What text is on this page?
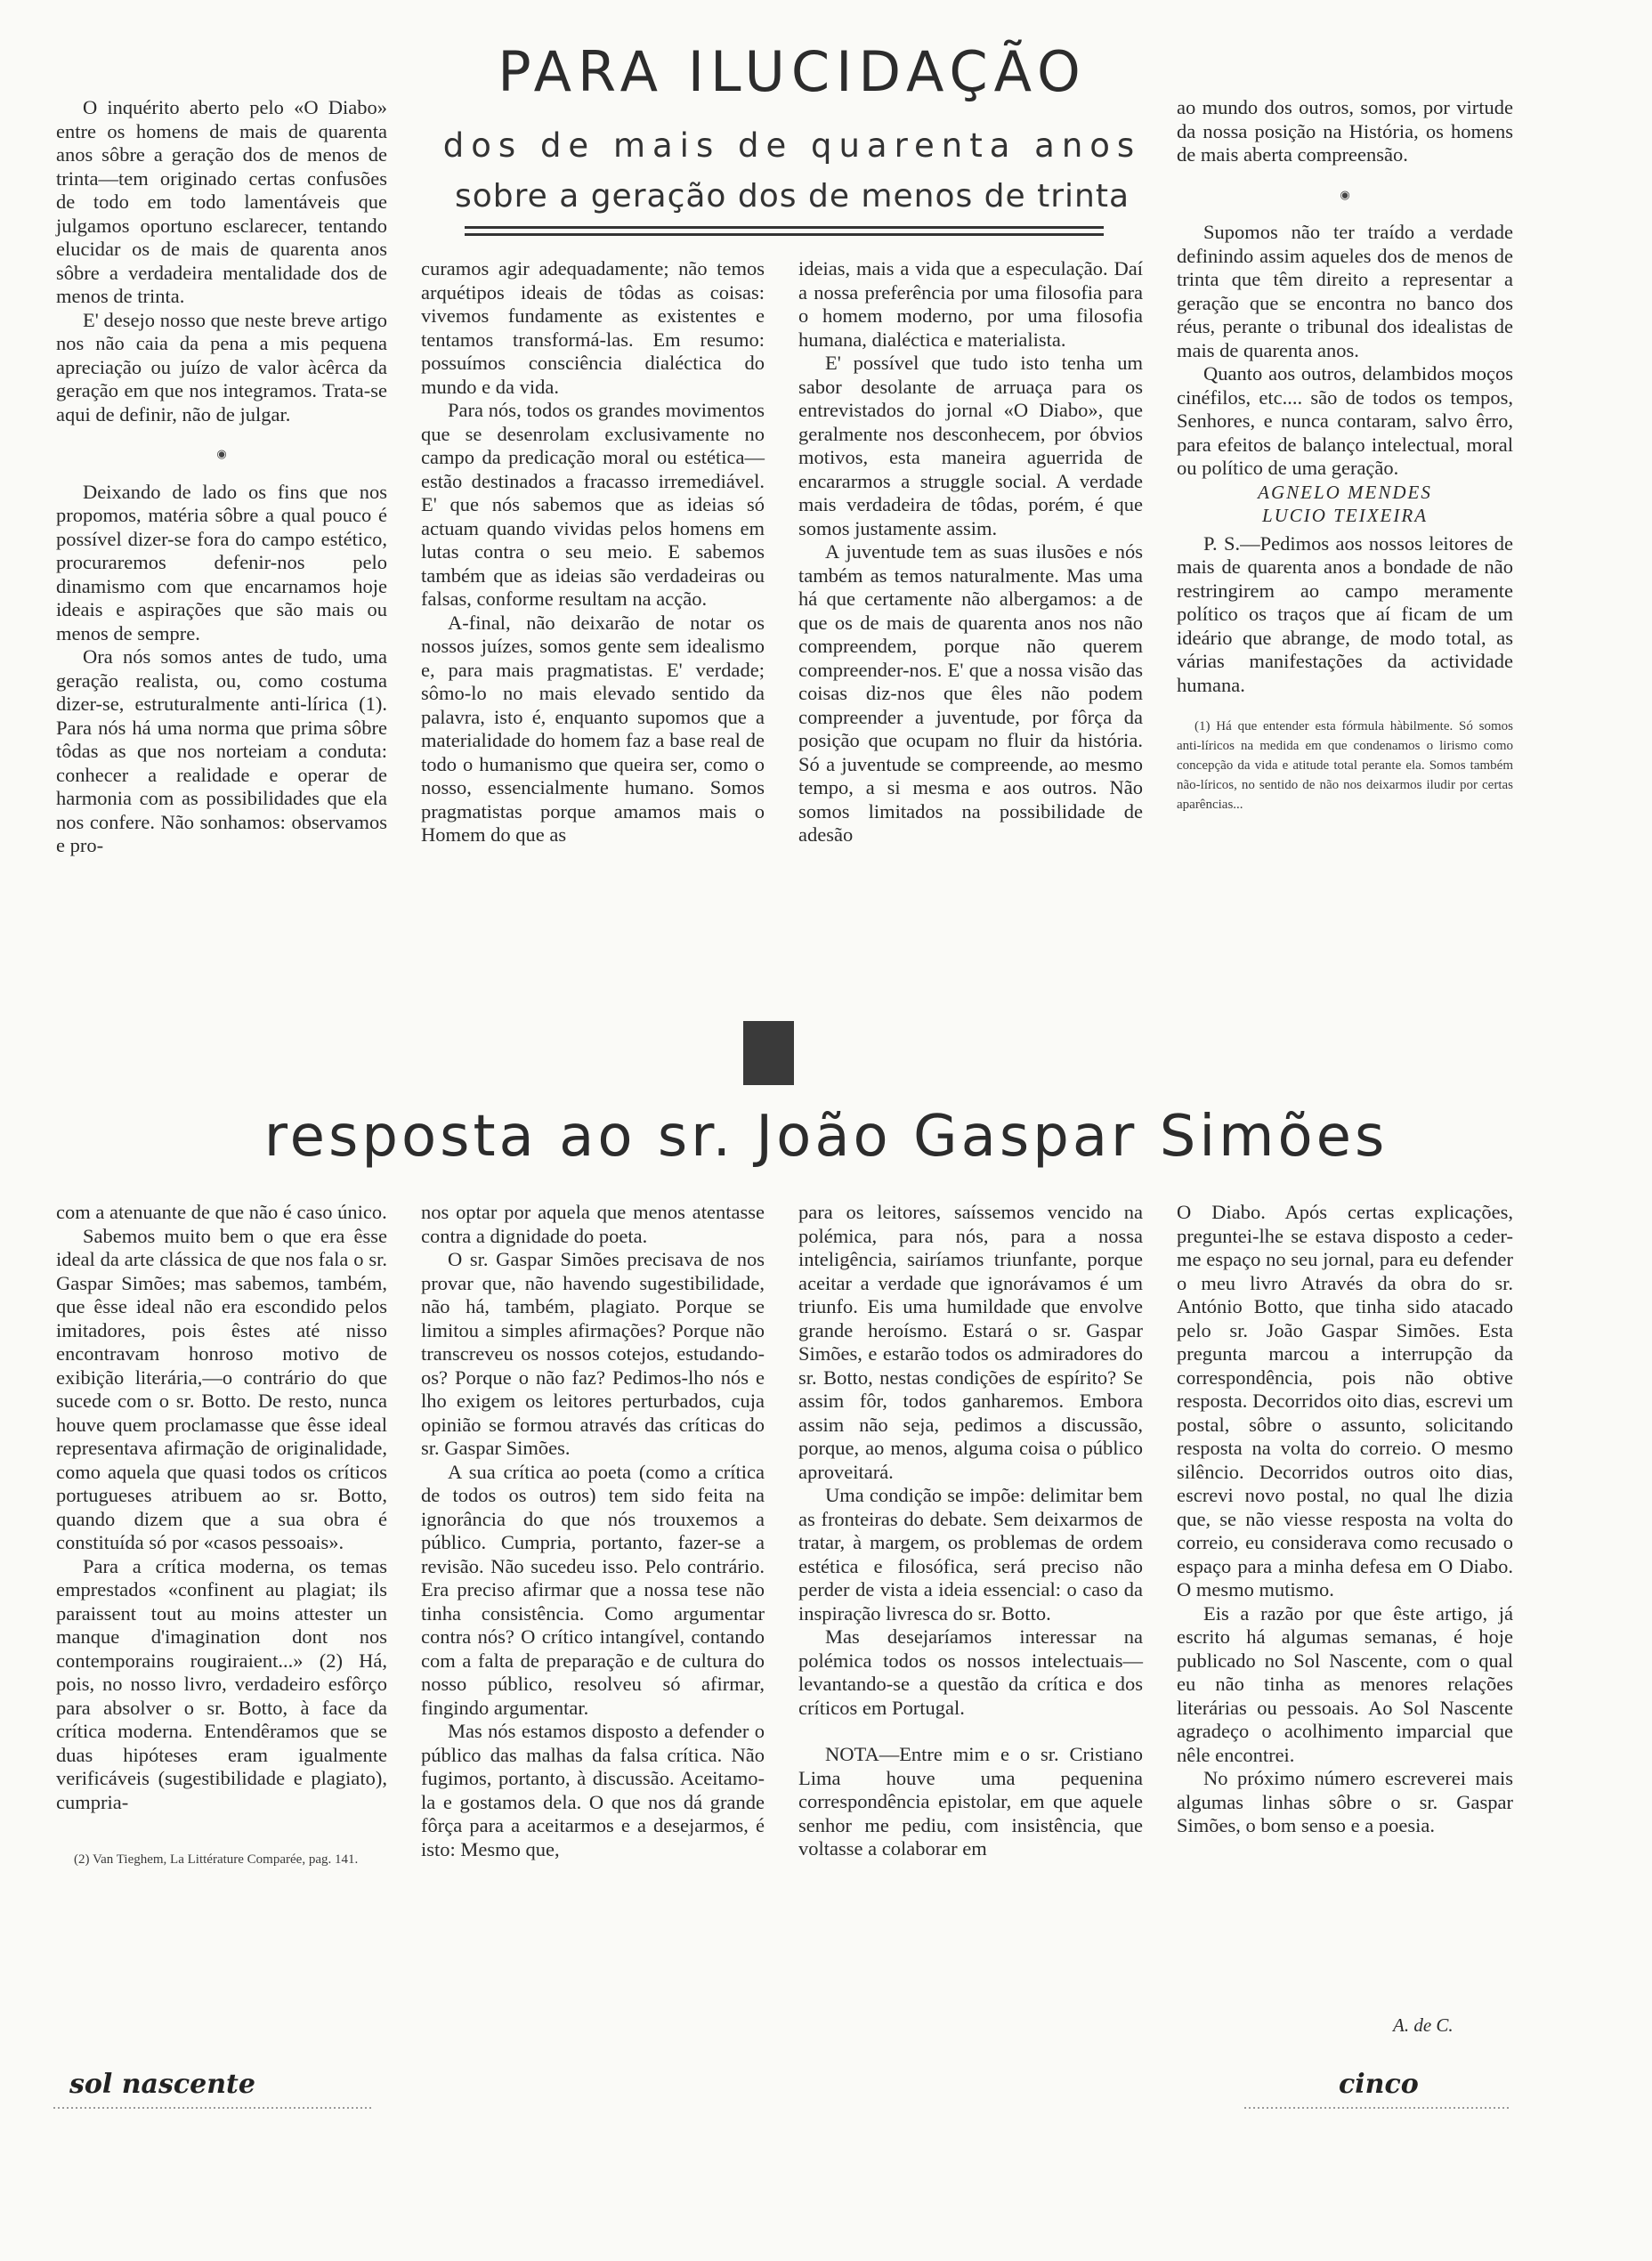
PARA ILUCIDAÇÃO
dos de mais de quarenta anos
sobre a geração dos de menos de trinta

O inquérito aberto pelo «O Diabo» entre os homens de mais de quarenta anos sôbre a geração dos de menos de trinta—tem originado certas confusões de todo em todo lamentáveis que julgamos oportuno esclarecer, tentando elucidar os de mais de quarenta anos sôbre a verdadeira mentalidade dos de menos de trinta.

E' desejo nosso que neste breve artigo nos não caia da pena a mis pequena apreciação ou juízo de valor àcêrca da geração em que nos integramos. Trata-se aqui de definir, não de julgar.

◉

Deixando de lado os fins que nos propomos, matéria sôbre a qual pouco é possível dizer-se fora do campo estético, procuraremos defenir-nos pelo dinamismo com que encarnamos hoje ideais e aspirações que são mais ou menos de sempre.

Ora nós somos antes de tudo, uma geração realista, ou, como costuma dizer-se, estruturalmente anti-lírica (1). Para nós há uma norma que prima sôbre tôdas as que nos norteiam a conduta: conhecer a realidade e operar de harmonia com as possibilidades que ela nos confere. Não sonhamos: observamos e pro-

curamos agir adequadamente; não temos arquétipos ideais de tôdas as coisas: vivemos fundamente as existentes e tentamos transformá-las. Em resumo: possuímos consciência dialéctica do mundo e da vida.

Para nós, todos os grandes movimentos que se desenrolam exclusivamente no campo da predicação moral ou estética—estão destinados a fracasso irremediável. E' que nós sabemos que as ideias só actuam quando vividas pelos homens em lutas contra o seu meio. E sabemos também que as ideias são verdadeiras ou falsas, conforme resultam na acção.

A-final, não deixarão de notar os nossos juízes, somos gente sem idealismo e, para mais pragmatistas. E' verdade; sômo-lo no mais elevado sentido da palavra, isto é, enquanto supomos que a materialidade do homem faz a base real de todo o humanismo que queira ser, como o nosso, essencialmente humano. Somos pragmatistas porque amamos mais o Homem do que as

ideias, mais a vida que a especulação. Daí a nossa preferência por uma filosofia para o homem moderno, por uma filosofia humana, dialéctica e materialista.

E' possível que tudo isto tenha um sabor desolante de arruaça para os entrevistados do jornal «O Diabo», que geralmente nos desconhecem, por óbvios motivos, esta maneira aguerrida de encararmos a struggle social. A verdade mais verdadeira de tôdas, porém, é que somos justamente assim.

A juventude tem as suas ilusões e nós também as temos naturalmente. Mas uma há que certamente não albergamos: a de que os de mais de quarenta anos nos não compreendem, porque não querem compreender-nos. E' que a nossa visão das coisas diz-nos que êles não podem compreender a juventude, por fôrça da posição que ocupam no fluir da história. Só a juventude se compreende, ao mesmo tempo, a si mesma e aos outros. Não somos limitados na possibilidade de adesão

ao mundo dos outros, somos, por virtude da nossa posição na História, os homens de mais aberta compreensão.

◉

Supomos não ter traído a verdade definindo assim aqueles dos de menos de trinta que têm direito a representar a geração que se encontra no banco dos réus, perante o tribunal dos idealistas de mais de quarenta anos.

Quanto aos outros, delambidos moços cinéfilos, etc.... são de todos os tempos, Senhores, e nunca contaram, salvo êrro, para efeitos de balanço intelectual, moral ou político de uma geração.

AGNELO MENDES
LUCIO TEIXEIRA

P. S.—Pedimos aos nossos leitores de mais de quarenta anos a bondade de não restringirem ao campo meramente político os traços que aí ficam de um ideário que abrange, de modo total, as várias manifestações da actividade humana.

(1) Há que entender esta fórmula hàbilmente. Só somos anti-líricos na medida em que condenamos o lirismo como concepção da vida e atitude total perante ela. Somos também não-líricos, no sentido de não nos deixarmos iludir por certas aparências...

resposta ao sr. João Gaspar Simões

com a atenuante de que não é caso único.

Sabemos muito bem o que era êsse ideal da arte clássica de que nos fala o sr. Gaspar Simões; mas sabemos, também, que êsse ideal não era escondido pelos imitadores, pois êstes até nisso encontravam honroso motivo de exibição literária,—o contrário do que sucede com o sr. Botto. De resto, nunca houve quem proclamasse que êsse ideal representava afirmação de originalidade, como aquela que quasi todos os críticos portugueses atribuem ao sr. Botto, quando dizem que a sua obra é constituída só por «casos pessoais».

Para a crítica moderna, os temas emprestados «confinent au plagiat; ils paraissent tout au moins attester un manque d'imagination dont nos contemporains rougiraient...» (2) Há, pois, no nosso livro, verdadeiro esfôrço para absolver o sr. Botto, à face da crítica moderna. Entendêramos que se duas hipóteses eram igualmente verificáveis (sugestibilidade e plagiato), cumpria-

(2) Van Tieghem, La Littérature Comparée, pag. 141.

nos optar por aquela que menos atentasse contra a dignidade do poeta.

O sr. Gaspar Simões precisava de nos provar que, não havendo sugestibilidade, não há, também, plagiato. Porque se limitou a simples afirmações? Porque não transcreveu os nossos cotejos, estudando-os? Porque o não faz? Pedimos-lho nós e lho exigem os leitores perturbados, cuja opinião se formou através das críticas do sr. Gaspar Simões.

A sua crítica ao poeta (como a crítica de todos os outros) tem sido feita na ignorância do que nós trouxemos a público. Cumpria, portanto, fazer-se a revisão. Não sucedeu isso. Pelo contrário. Era preciso afirmar que a nossa tese não tinha consistência. Como argumentar contra nós? O crítico intangível, contando com a falta de preparação e de cultura do nosso público, resolveu só afirmar, fingindo argumentar.

Mas nós estamos disposto a defender o público das malhas da falsa crítica. Não fugimos, portanto, à discussão. Aceitamo-la e gostamos dela. O que nos dá grande fôrça para a aceitarmos e a desejarmos, é isto: Mesmo que,

para os leitores, saíssemos vencido na polémica, para nós, para a nossa inteligência, sairíamos triunfante, porque aceitar a verdade que ignorávamos é um triunfo. Eis uma humildade que envolve grande heroísmo. Estará o sr. Gaspar Simões, e estarão todos os admiradores do sr. Botto, nestas condições de espírito? Se assim fôr, todos ganharemos. Embora assim não seja, pedimos a discussão, porque, ao menos, alguma coisa o público aproveitará.

Uma condição se impõe: delimitar bem as fronteiras do debate. Sem deixarmos de tratar, à margem, os problemas de ordem estética e filosófica, será preciso não perder de vista a ideia essencial: o caso da inspiração livresca do sr. Botto.

Mas desejaríamos interessar na polémica todos os nossos intelectuais—levantando-se a questão da crítica e dos críticos em Portugal.

NOTA—Entre mim e o sr. Cristiano Lima houve uma pequenina correspondência epistolar, em que aquele senhor me pediu, com insistência, que voltasse a colaborar em

O Diabo. Após certas explicações, preguntei-lhe se estava disposto a ceder-me espaço no seu jornal, para eu defender o meu livro Através da obra do sr. António Botto, que tinha sido atacado pelo sr. João Gaspar Simões. Esta pregunta marcou a interrupção da correspondência, pois não obtive resposta. Decorridos oito dias, escrevi um postal, sôbre o assunto, solicitando resposta na volta do correio. O mesmo silêncio. Decorridos outros oito dias, escrevi novo postal, no qual lhe dizia que, se não viesse resposta na volta do correio, eu considerava como recusado o espaço para a minha defesa em O Diabo. O mesmo mutismo.

Eis a razão por que êste artigo, já escrito há algumas semanas, é hoje publicado no Sol Nascente, com o qual eu não tinha as menores relações literárias ou pessoais. Ao Sol Nascente agradeço o acolhimento imparcial que nêle encontrei.

No próximo número escreverei mais algumas linhas sôbre o sr. Gaspar Simões, o bom senso e a poesia.

A. de C.
sol nascente	cinco
